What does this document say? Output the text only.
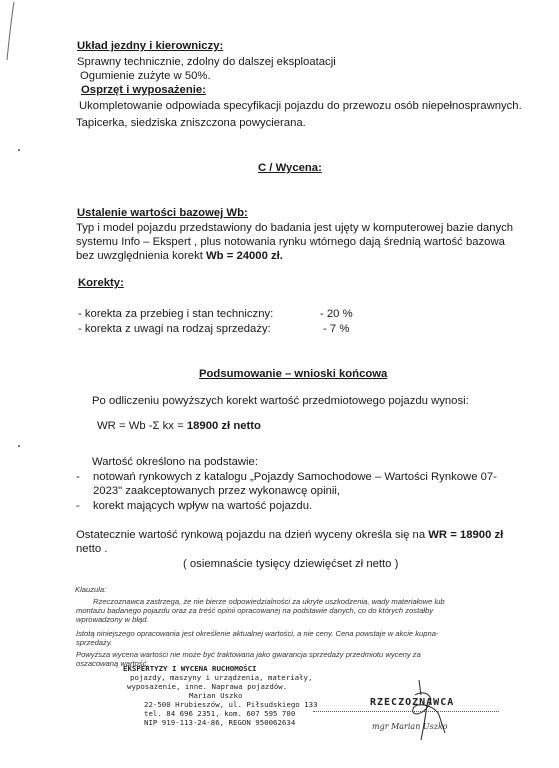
Układ jezdny i kierowniczy:
Sprawny technicznie, zdolny do dalszej eksploatacji
Ogumienie zużyte w 50%.
Osprzęt i wyposażenie:
Ukompletowanie odpowiada specyfikacji pojazdu do przewozu osób niepełnosprawnych.
Tapicerka, siedziska zniszczona powycierana.
C / Wycena:
Ustalenie wartości bazowej Wb:
Typ i model pojazdu przedstawiony do badania jest ujęty w komputerowej bazie danych
systemu Info – Ekspert , plus notowania rynku wtórnego dają średnią wartość bazowa
bez uwzględnienia korekt Wb = 24000 zł.
Korekty:
- korekta za przebieg i stan techniczny:	- 20 %
- korekta z uwagi na rodzaj sprzedaży:	- 7 %
Podsumowanie – wnioski końcowa
Po odliczeniu powyższych korekt wartość przedmiotowego pojazdu wynosi:
WR = Wb -Σ kx = 18900 zł netto
Wartość określono na podstawie:
- notowań rynkowych z katalogu „Pojazdy Samochodowe – Wartości Rynkowe 07-
2023" zaakceptowanych przez wykonawcę opinii,
- korekt mających wpływ na wartość pojazdu.
Ostatecznie wartość rynkową pojazdu na dzień wyceny określa się na WR = 18900 zł
netto .
( osiemnaście tysięcy dziewięćset zł netto )
Klauzula:
Rzeczoznawca zastrzega, że nie bierze odpowiedzialności za ukryte uszkodzenia, wady materiałowe lub
montażu badanego pojazdu oraz za treść opinii opracowanej na podstawie danych, co do których zostałby
wprowadzony w błąd.
Istotą niniejszego opracowania jest określenie aktualnej wartości, a nie ceny. Cena powstaje w akcie kupna-
sprzedaży.
Powyższa wycena wartości nie może być traktowana jako gwarancja sprzedaży przedmiotu wyceny za
oszacowaną wartość.
EKSPERTYZY I WYCENA RUCHOMOŚCI
pojazdy, maszyny i urządzenia, materiały,
wyposażenie, inne. Naprawa pojazdów.
Marian Uszko
22-500 Hrubieszów, ul. Piłsudskiego 133
tel. 84 696 2351, kom. 607 595 700
NIP 919-113-24-86, REGON 950062634
RZECZOZNAWCA
mgr Marian Uszko
